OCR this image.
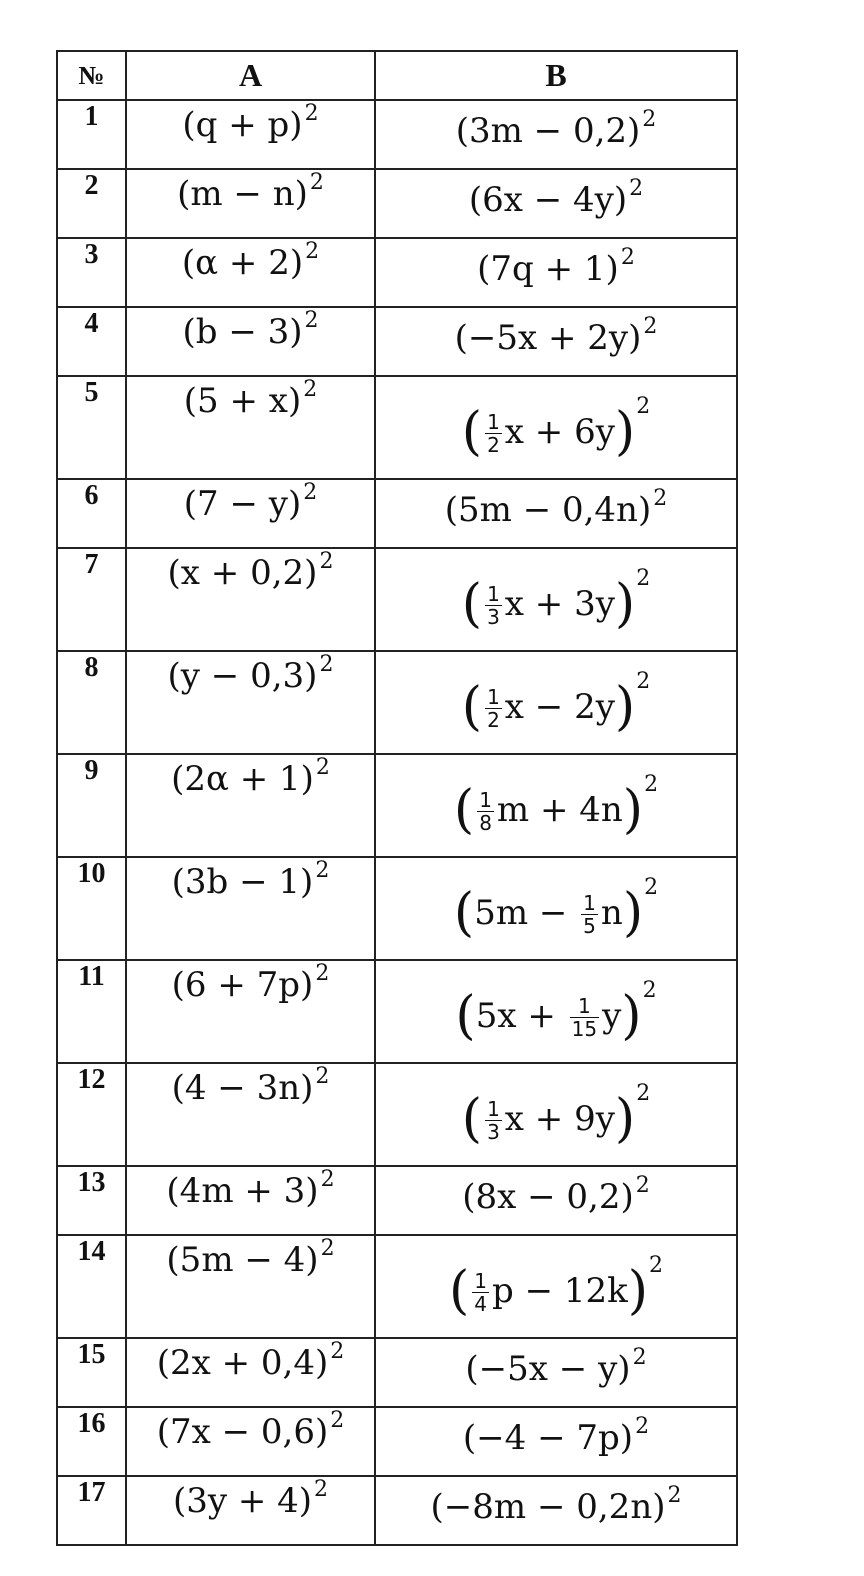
№	A	B
1	$(q + p)^2$	$(3m - 0,2)^2$
2	$(m - n)^2$	$(6x - 4y)^2$
3	$(\alpha + 2)^2$	$(7q + 1)^2$
4	$(b - 3)^2$	$(-5x + 2y)^2$
5	$(5 + x)^2$	( $\frac{1}{2}$ x + 6y)$^2$
6	$(7 - y)^2$	$(5m - 0,4n)^2$
7	$(x + 0,2)^2$	( $\frac{1}{3}$ x + 3y)$^2$
8	$(y - 0,3)^2$	( $\frac{1}{2}$ x − 2y)$^2$
9	$(2\alpha + 1)^2$	( $\frac{1}{8}$ m + 4n)$^2$
10	$(3b - 1)^2$	$(5m - \frac{1}{5} n)^2$
11	$(6 + 7p)^2$	$(5x + \frac{1}{15} y)^2$
12	$(4 - 3n)^2$	( $\frac{1}{3}$ x + 9y)$^2$
13	$(4m + 3)^2$	$(8x - 0,2)^2$
14	$(5m - 4)^2$	( $\frac{1}{4}$ p − 12k)$^2$
15	$(2x + 0,4)^2$	$(-5x - y)^2$
16	$(7x - 0,6)^2$	$(-4 - 7p)^2$
17	$(3y + 4)^2$	$(-8m - 0,2n)^2$
